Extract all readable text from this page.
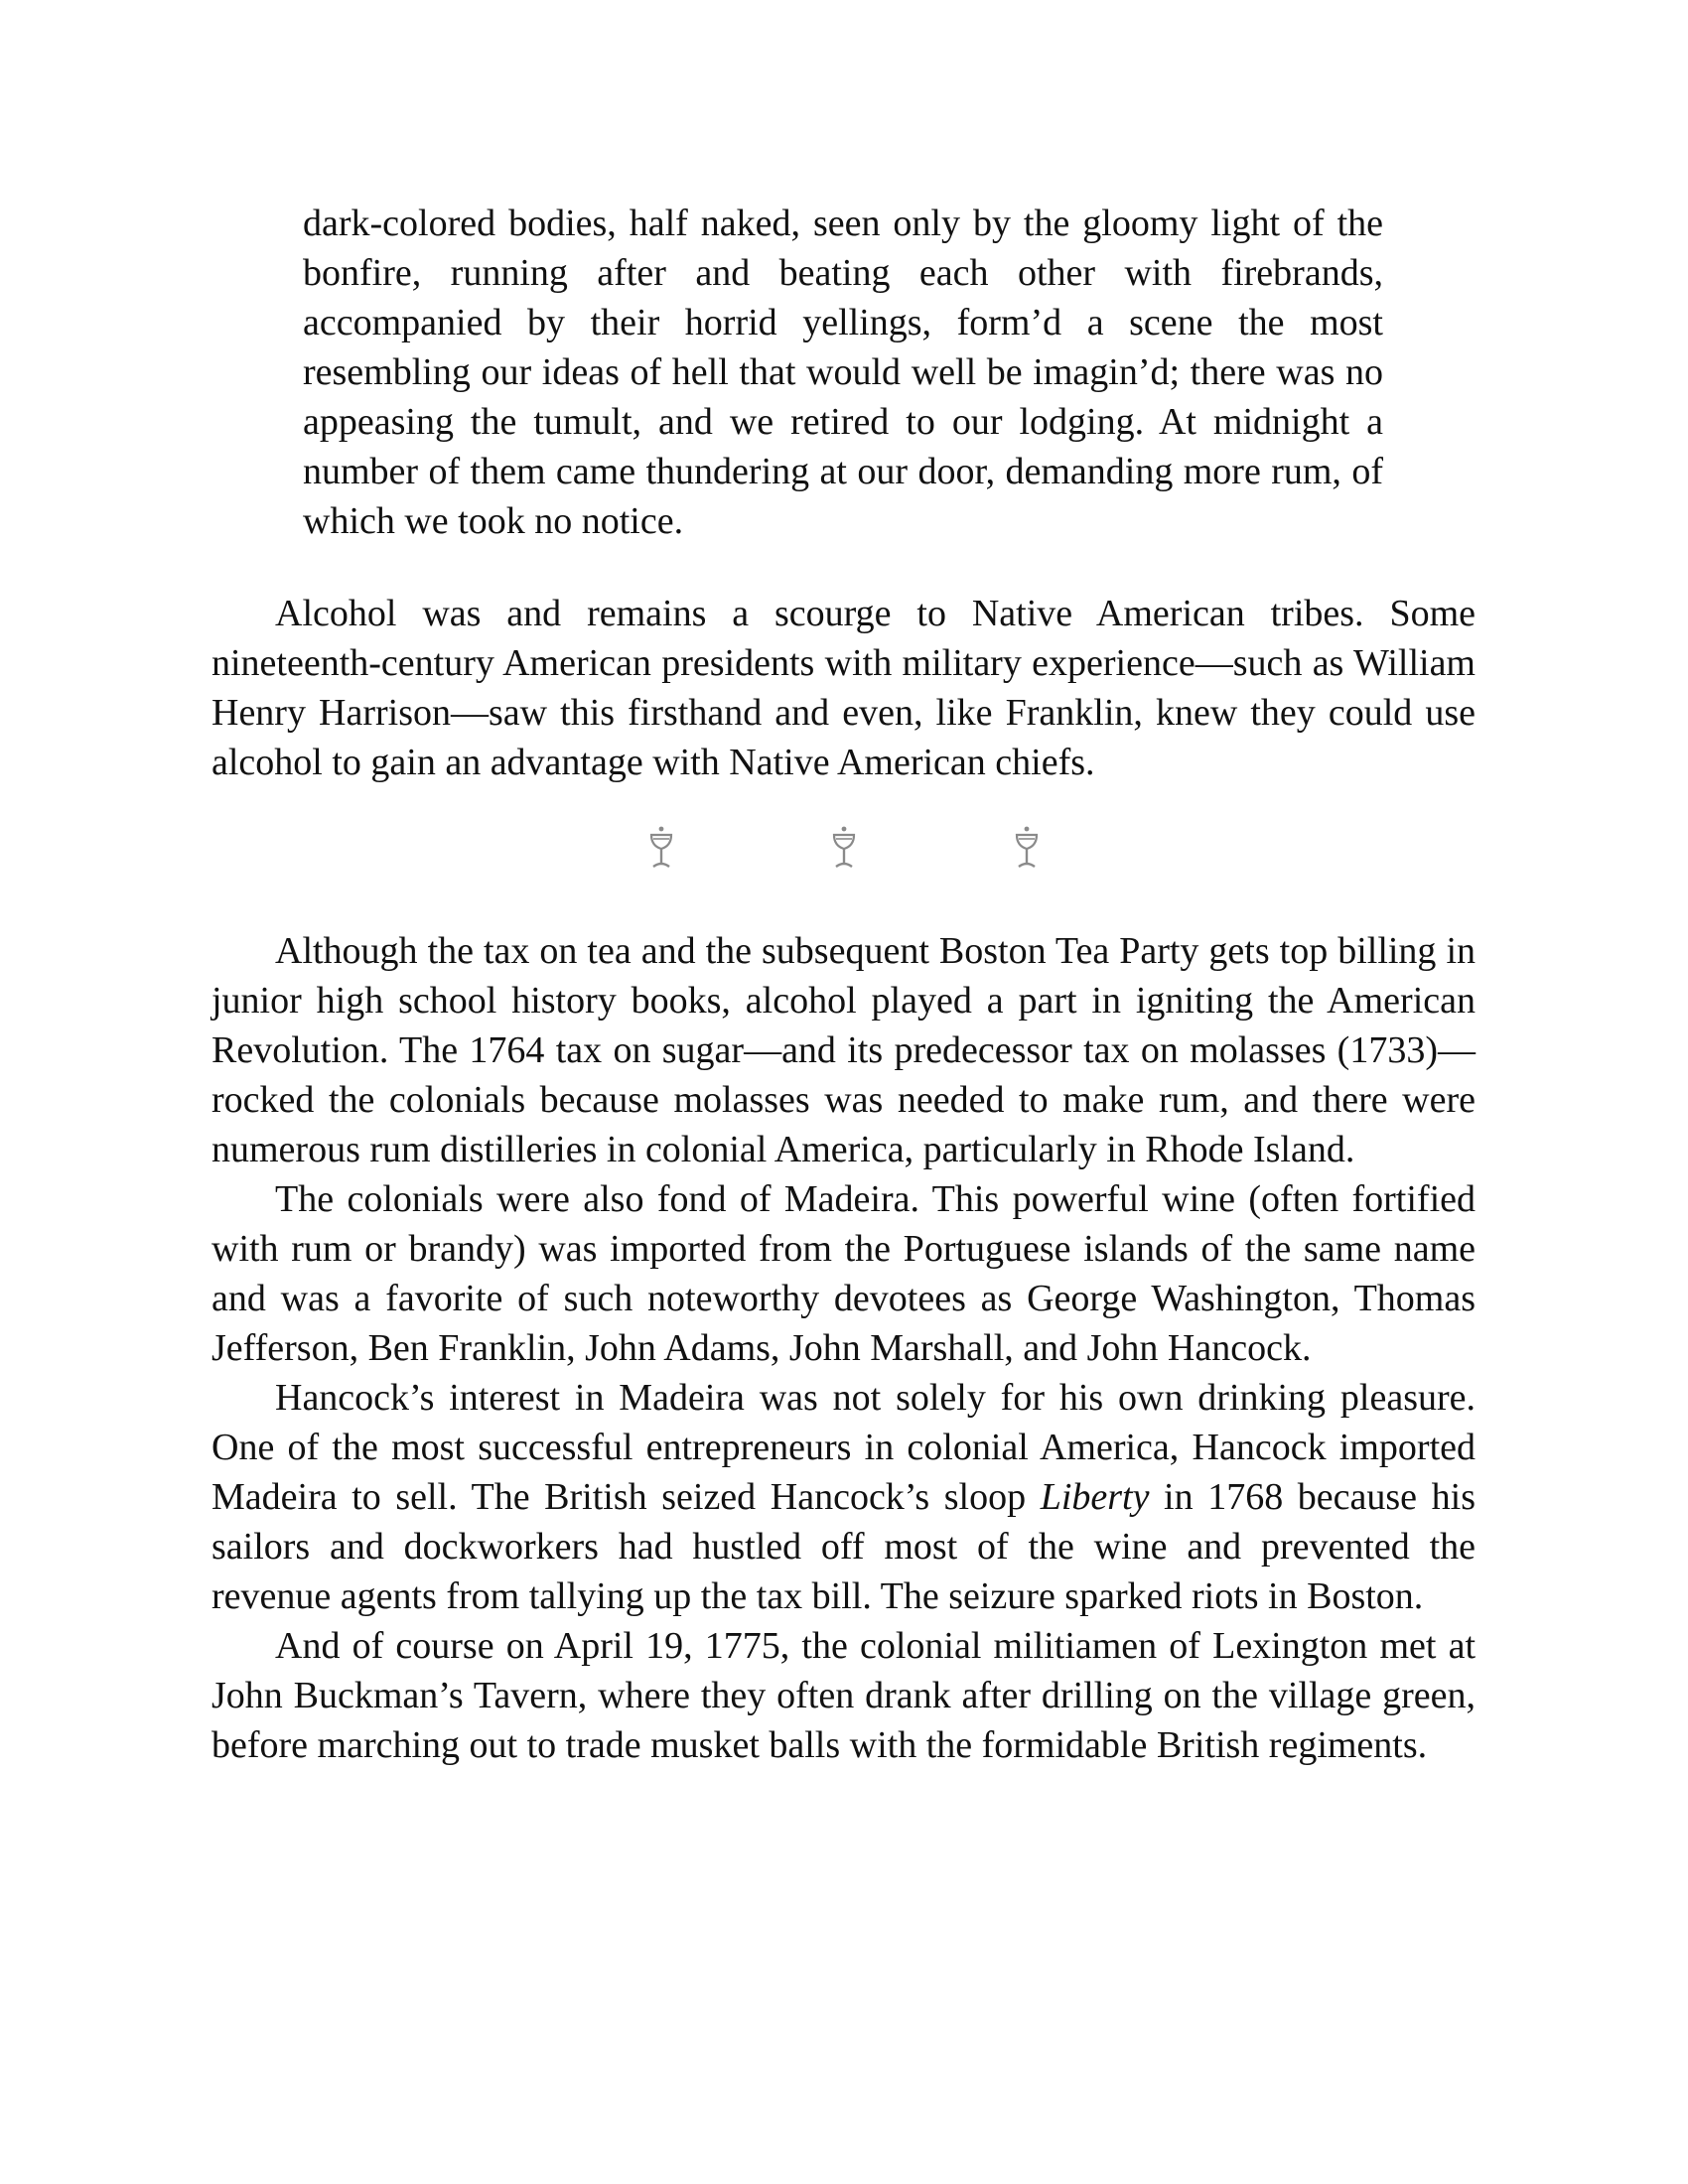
dark-colored bodies, half naked, seen only by the gloomy light of the bonfire, running after and beating each other with firebrands, accompanied by their horrid yellings, form’d a scene the most resembling our ideas of hell that would well be imagin’d; there was no appeasing the tumult, and we retired to our lodging. At midnight a number of them came thundering at our door, demanding more rum, of which we took no notice.

Alcohol was and remains a scourge to Native American tribes. Some nineteenth-century American presidents with military experience—such as William Henry Harrison—saw this firsthand and even, like Franklin, knew they could use alcohol to gain an advantage with Native American chiefs.

Although the tax on tea and the subsequent Boston Tea Party gets top billing in junior high school history books, alcohol played a part in igniting the American Revolution. The 1764 tax on sugar—and its predecessor tax on molasses (1733)—rocked the colonials because molasses was needed to make rum, and there were numerous rum distilleries in colonial America, particularly in Rhode Island.

The colonials were also fond of Madeira. This powerful wine (often fortified with rum or brandy) was imported from the Portuguese islands of the same name and was a favorite of such noteworthy devotees as George Washington, Thomas Jefferson, Ben Franklin, John Adams, John Marshall, and John Hancock.

Hancock’s interest in Madeira was not solely for his own drinking pleasure. One of the most successful entrepreneurs in colonial America, Hancock imported Madeira to sell. The British seized Hancock’s sloop Liberty in 1768 because his sailors and dockworkers had hustled off most of the wine and prevented the revenue agents from tallying up the tax bill. The seizure sparked riots in Boston.

And of course on April 19, 1775, the colonial militiamen of Lexington met at John Buckman’s Tavern, where they often drank after drilling on the village green, before marching out to trade musket balls with the formidable British regiments.
